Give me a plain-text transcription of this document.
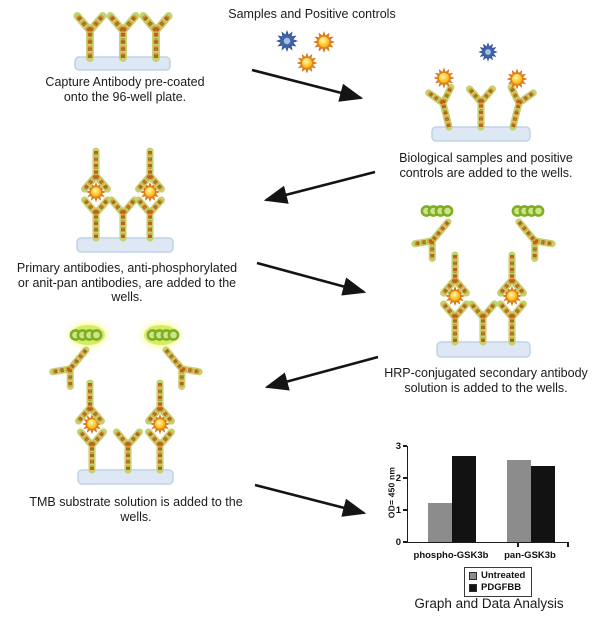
Samples and Positive controls
Capture Antibody pre-coated
onto the 96-well plate.
Biological samples and positive
controls are added to the wells.
Primary antibodies, anti-phosphorylated
or anit-pan antibodies, are added to the wells.
HRP-conjugated secondary antibody
solution is added to the wells.
TMB substrate solution is added to the wells.	OD= 450 nm
0
1
2
3
phospho-GSK3b	pan-GSK3b
Untreated
PDGFBB
Graph and Data Analysis
